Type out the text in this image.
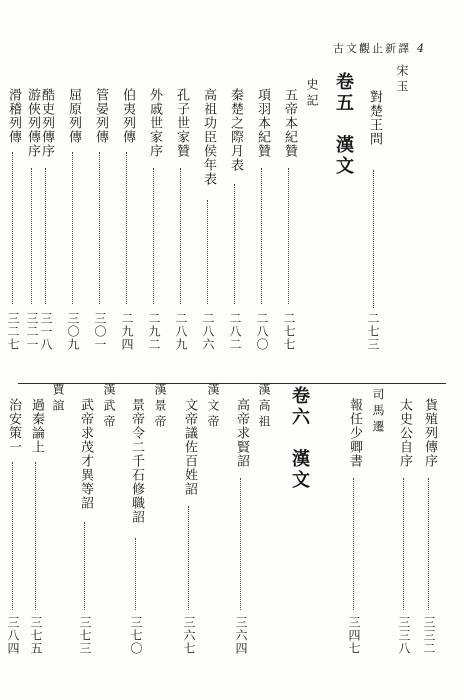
古文觀止新譯 4
宋玉
對楚王問
二七三
卷五　漢文
史記
五帝本紀贊
二七七
項羽本紀贊
二八〇
秦楚之際月表
二八二
高祖功臣侯年表
二八六
孔子世家贊
二八九
外戚世家序
二九二
伯夷列傳
二九四
管晏列傳
三〇一
屈原列傳
三〇九
酷吏列傳序
三一八
游俠列傳序
三二一
滑稽列傳
三二七
貨殖列傳序
三三二
太史公自序
三三八
司馬遷
報任少卿書
三四七
卷六　漢文
漢高祖
高帝求賢詔
三六四
漢文帝
文帝議佐百姓詔
三六七
漢景帝
景帝令二千石修職詔
三七〇
漢武帝
武帝求茂才異等詔
三七三
賈誼
過秦論上
三七五
治安策一
三八四
